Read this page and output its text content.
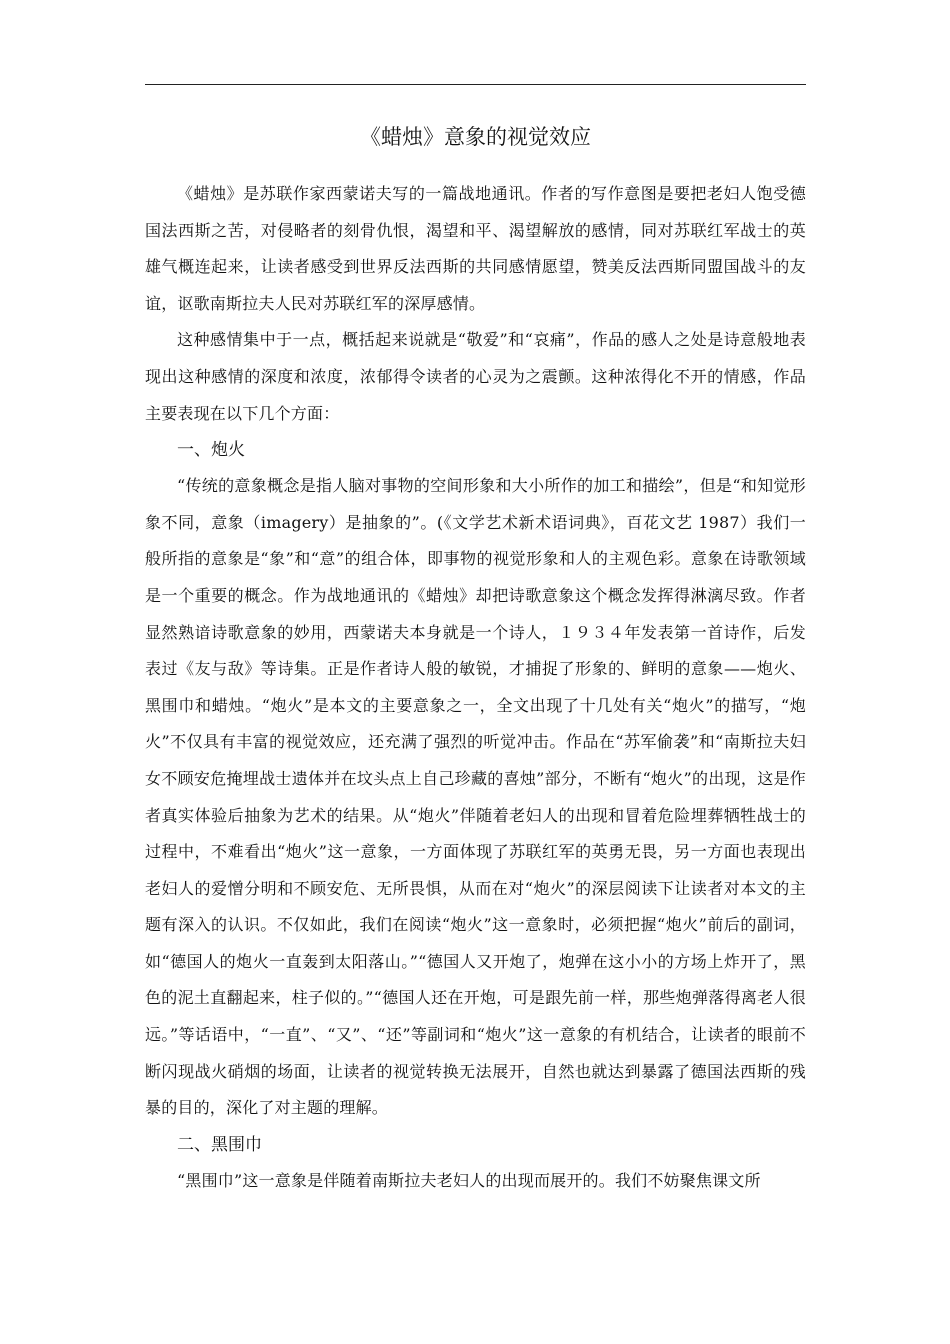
《蜡烛》意象的视觉效应

《蜡烛》是苏联作家西蒙诺夫写的一篇战地通讯。作者的写作意图是要把老妇人饱受德国法西斯之苦，对侵略者的刻骨仇恨，渴望和平、渴望解放的感情，同对苏联红军战士的英雄气概连起来，让读者感受到世界反法西斯的共同感情愿望，赞美反法西斯同盟国战斗的友谊，讴歌南斯拉夫人民对苏联红军的深厚感情。

这种感情集中于一点，概括起来说就是“敬爱”和“哀痛”，作品的感人之处是诗意般地表现出这种感情的深度和浓度，浓郁得令读者的心灵为之震颤。这种浓得化不开的情感，作品主要表现在以下几个方面：

一、炮火

“传统的意象概念是指人脑对事物的空间形象和大小所作的加工和描绘”，但是“和知觉形象不同，意象（imagery）是抽象的”。(《文学艺术新术语词典》，百花文艺 1987）我们一般所指的意象是“象”和“意”的组合体，即事物的视觉形象和人的主观色彩。意象在诗歌领域是一个重要的概念。作为战地通讯的《蜡烛》却把诗歌意象这个概念发挥得淋漓尽致。作者显然熟谙诗歌意象的妙用，西蒙诺夫本身就是一个诗人，１９３４年发表第一首诗作，后发表过《友与敌》等诗集。正是作者诗人般的敏锐，才捕捉了形象的、鲜明的意象——炮火、黑围巾和蜡烛。“炮火”是本文的主要意象之一，全文出现了十几处有关“炮火”的描写，“炮火”不仅具有丰富的视觉效应，还充满了强烈的听觉冲击。作品在“苏军偷袭”和“南斯拉夫妇女不顾安危掩埋战士遗体并在坟头点上自己珍藏的喜烛”部分，不断有“炮火”的出现，这是作者真实体验后抽象为艺术的结果。从“炮火”伴随着老妇人的出现和冒着危险埋葬牺牲战士的过程中，不难看出“炮火”这一意象，一方面体现了苏联红军的英勇无畏，另一方面也表现出老妇人的爱憎分明和不顾安危、无所畏惧，从而在对“炮火”的深层阅读下让读者对本文的主题有深入的认识。不仅如此，我们在阅读“炮火”这一意象时，必须把握“炮火”前后的副词，如“德国人的炮火一直轰到太阳落山。”“德国人又开炮了，炮弹在这小小的方场上炸开了，黑色的泥土直翻起来，柱子似的。”“德国人还在开炮，可是跟先前一样，那些炮弹落得离老人很远。”等话语中，“一直”、“又”、“还”等副词和“炮火”这一意象的有机结合，让读者的眼前不断闪现战火硝烟的场面，让读者的视觉转换无法展开，自然也就达到暴露了德国法西斯的残暴的目的，深化了对主题的理解。

二、黑围巾

“黑围巾”这一意象是伴随着南斯拉夫老妇人的出现而展开的。我们不妨聚焦课文所
